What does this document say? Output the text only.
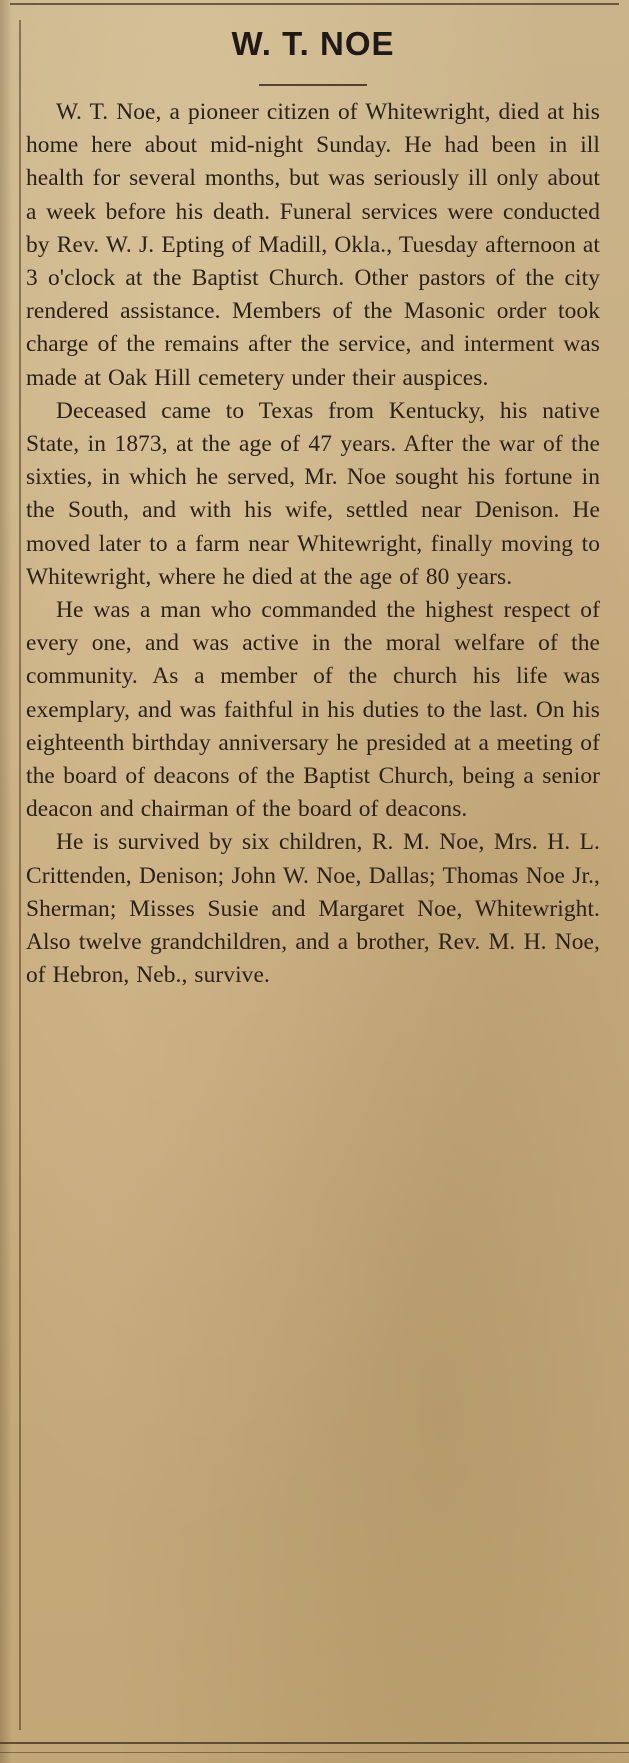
W. T. NOE

W. T. Noe, a pioneer citizen of Whitewright, died at his home here about mid-night Sunday. He had been in ill health for several months, but was seriously ill only about a week before his death. Funeral services were conducted by Rev. W. J. Epting of Madill, Okla., Tuesday afternoon at 3 o'clock at the Baptist Church. Other pastors of the city rendered assistance. Members of the Masonic order took charge of the remains after the service, and interment was made at Oak Hill cemetery under their auspices.

Deceased came to Texas from Kentucky, his native State, in 1873, at the age of 47 years. After the war of the sixties, in which he served, Mr. Noe sought his fortune in the South, and with his wife, settled near Denison. He moved later to a farm near Whitewright, finally moving to Whitewright, where he died at the age of 80 years.

He was a man who commanded the highest respect of every one, and was active in the moral welfare of the community. As a member of the church his life was exemplary, and was faithful in his duties to the last. On his eighteenth birthday anniversary he presided at a meeting of the board of deacons of the Baptist Church, being a senior deacon and chairman of the board of deacons.

He is survived by six children, R. M. Noe, Mrs. H. L. Crittenden, Denison; John W. Noe, Dallas; Thomas Noe Jr., Sherman; Misses Susie and Margaret Noe, Whitewright. Also twelve grandchildren, and a brother, Rev. M. H. Noe, of Hebron, Neb., survive.
